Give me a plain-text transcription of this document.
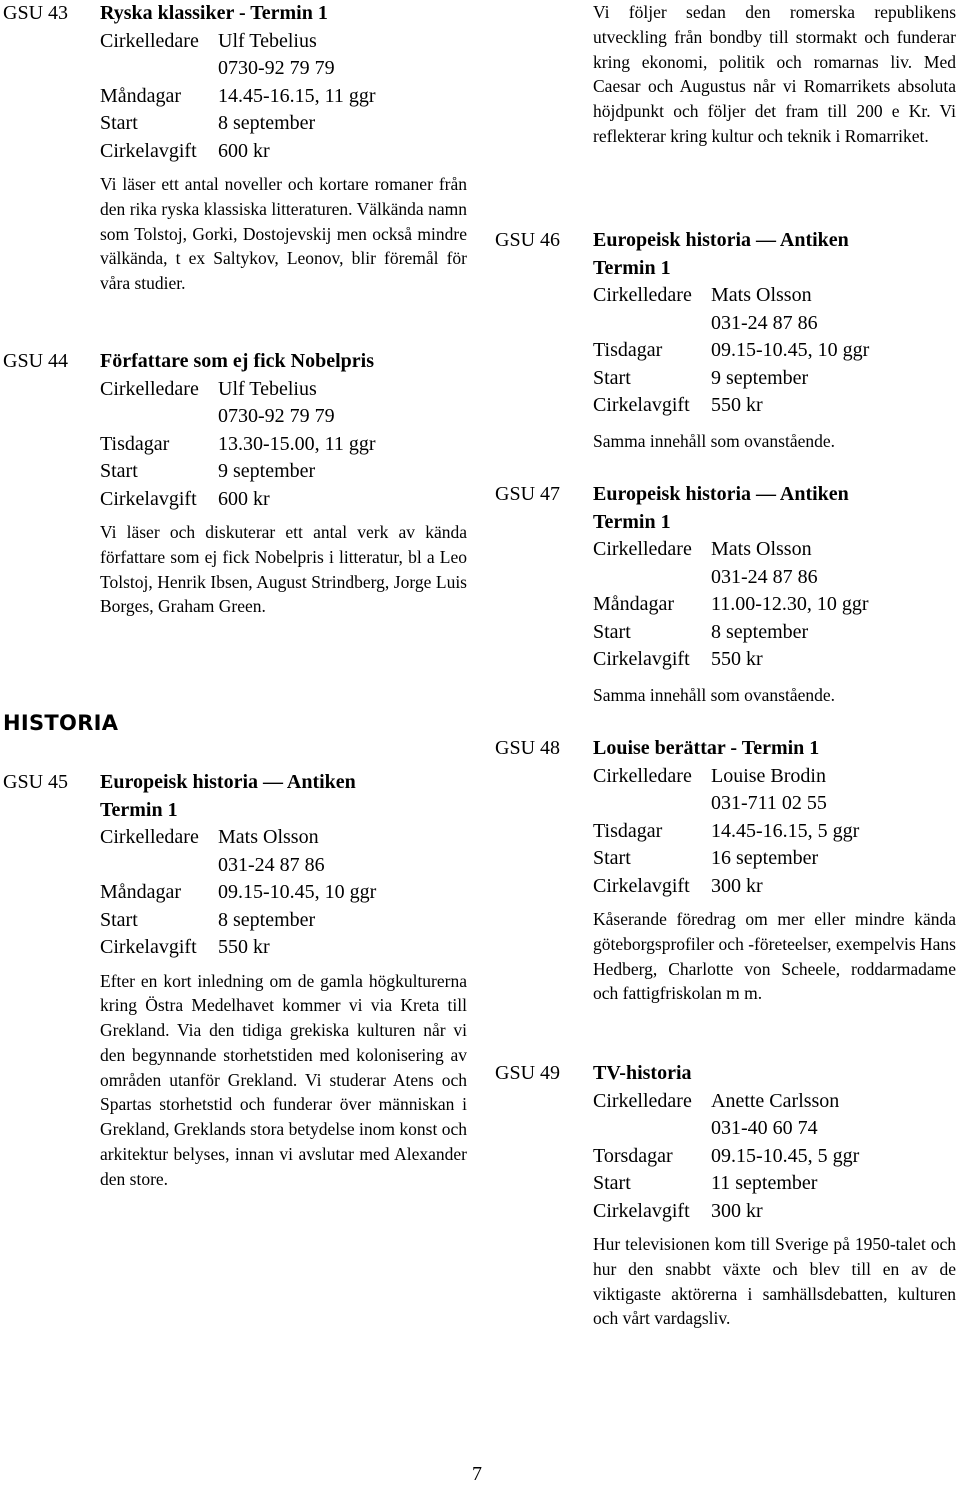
GSU 43 Ryska klassiker - Termin 1
Cirkelledare Ulf Tebelius
0730-92 79 79
Måndagar 14.45-16.15, 11 ggr
Start	8 september
Cirkelavgift 600 kr
Vi läser ett antal noveller och kortare romaner från den rika ryska klassiska litteraturen. Välkända namn som Tolstoj, Gorki, Dostojevskij men också mindre välkända, t ex Saltykov, Leonov, blir föremål för våra studier.
GSU 44 Författare som ej fick Nobelpris
Cirkelledare Ulf Tebelius
0730-92 79 79
Tisdagar 13.30-15.00, 11 ggr
Start	9 september
Cirkelavgift 600 kr
Vi läser och diskuterar ett antal verk av kända författare som ej fick Nobelpris i litteratur, bl a Leo Tolstoj, Henrik Ibsen, August Strindberg, Jorge Luis Borges, Graham Green.
HISTORIA
GSU 45 Europeisk historia — Antiken
Termin 1
Cirkelledare Mats Olsson
031-24 87 86
Måndagar 09.15-10.45, 10 ggr
Start	8 september
Cirkelavgift 550 kr
Efter en kort inledning om de gamla högkulturerna kring Östra Medelhavet kommer vi via Kreta till Grekland. Via den tidiga grekiska kulturen når vi den begynnande storhetstiden med kolonisering av områden utanför Grekland. Vi studerar Atens och Spartas storhetstid och funderar över människan i Grekland, Greklands stora betydelse inom konst och arkitektur belyses, innan vi avslutar med Alexander den store.
Vi följer sedan den romerska republikens utveckling från bondby till stormakt och funderar kring ekonomi, politik och romarnas liv. Med Caesar och Augustus når vi Romarrikets absoluta höjdpunkt och följer det fram till 200 e Kr. Vi reflekterar kring kultur och teknik i Romarriket.
GSU 46 Europeisk historia — Antiken
Termin 1
Cirkelledare Mats Olsson
031-24 87 86
Tisdagar 09.15-10.45, 10 ggr
Start	9 september
Cirkelavgift 550 kr
Samma innehåll som ovanstående.
GSU 47 Europeisk historia — Antiken
Termin 1
Cirkelledare Mats Olsson
031-24 87 86
Måndagar 11.00-12.30, 10 ggr
Start	8 september
Cirkelavgift 550 kr
Samma innehåll som ovanstående.
GSU 48 Louise berättar - Termin 1
Cirkelledare Louise Brodin
031-711 02 55
Tisdagar 14.45-16.15, 5 ggr
Start	16 september
Cirkelavgift 300 kr
Kåserande föredrag om mer eller mindre kända göteborgsprofiler och -företeelser, exempelvis Hans Hedberg, Charlotte von Scheele, roddarmadame och fattigfriskolan m m.
GSU 49 TV-historia
Cirkelledare Anette Carlsson
031-40 60 74
Torsdagar 09.15-10.45, 5 ggr
Start	11 september
Cirkelavgift 300 kr
Hur televisionen kom till Sverige på 1950-talet och hur den snabbt växte och blev till en av de viktigaste aktörerna i samhällsdebatten, kulturen och vårt vardagsliv.
7
